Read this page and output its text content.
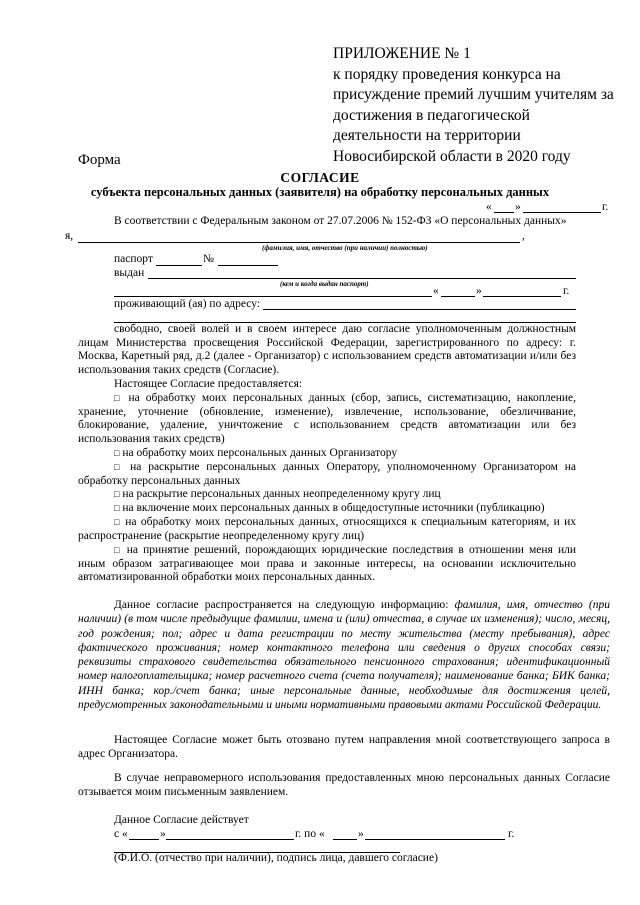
ПРИЛОЖЕНИЕ № 1
к порядку проведения конкурса на
присуждение премий лучшим учителям за
достижения в педагогической
деятельности на территории
Новосибирской области в 2020 году
Форма
СОГЛАСИЕ
субъекта персональных данных (заявителя) на обработку персональных данных
« »	г.
В соответствии с Федеральным законом от 27.07.2006 № 152-ФЗ «О персональных данных»
я,	,
(фамилия, имя, отчество (при наличии) полностью)
паспорт	№
выдан
(кем и когда выдан паспорт)
«	»	г.
проживающий (ая) по адресу:
свободно, своей волей и в своем интересе даю согласие уполномоченным должностным лицам Министерства просвещения Российской Федерации, зарегистрированного по адресу: г. Москва, Каретный ряд, д.2 (далее - Организатор) с использованием средств автоматизации и/или без использования таких средств (Согласие).
Настоящее Согласие предоставляется:
□ на обработку моих персональных данных (сбор, запись, систематизацию, накопление, хранение, уточнение (обновление, изменение), извлечение, использование, обезличивание, блокирование, удаление, уничтожение с использованием средств автоматизации или без использования таких средств)
□ на обработку моих персональных данных Организатору
□ на раскрытие персональных данных Оператору, уполномоченному Организатором на обработку персональных данных
□ на раскрытие персональных данных неопределенному кругу лиц
□ на включение моих персональных данных в общедоступные источники (публикацию)
□ на обработку моих персональных данных, относящихся к специальным категориям, и их распространение (раскрытие неопределенному кругу лиц)
□ на принятие решений, порождающих юридические последствия в отношении меня или иным образом затрагивающее мои права и законные интересы, на основании исключительно автоматизированной обработки моих персональных данных.
Данное согласие распространяется на следующую информацию: фамилия, имя, отчество (при наличии) (в том числе предыдущие фамилии, имена и (или) отчества, в случае их изменения); число, месяц, год рождения; пол; адрес и дата регистрации по месту жительства (месту пребывания), адрес фактического проживания; номер контактного телефона или сведения о других способах связи; реквизиты страхового свидетельства обязательного пенсионного страхования; идентификационный номер налогоплательщика; номер расчетного счета (счета получателя); наименование банка; БИК банка; ИНН банка; кор./счет банка; иные персональные данные, необходимые для достижения целей, предусмотренных законодательными и иными нормативными правовыми актами Российской Федерации.
Настоящее Согласие может быть отозвано путем направления мной соответствующего запроса в адрес Организатора.
В случае неправомерного использования предоставленных мною персональных данных Согласие отзывается моим письменным заявлением.
Данное Согласие действует
с «	»	г. по «	»	г.
(Ф.И.О. (отчество при наличии), подпись лица, давшего согласие)
